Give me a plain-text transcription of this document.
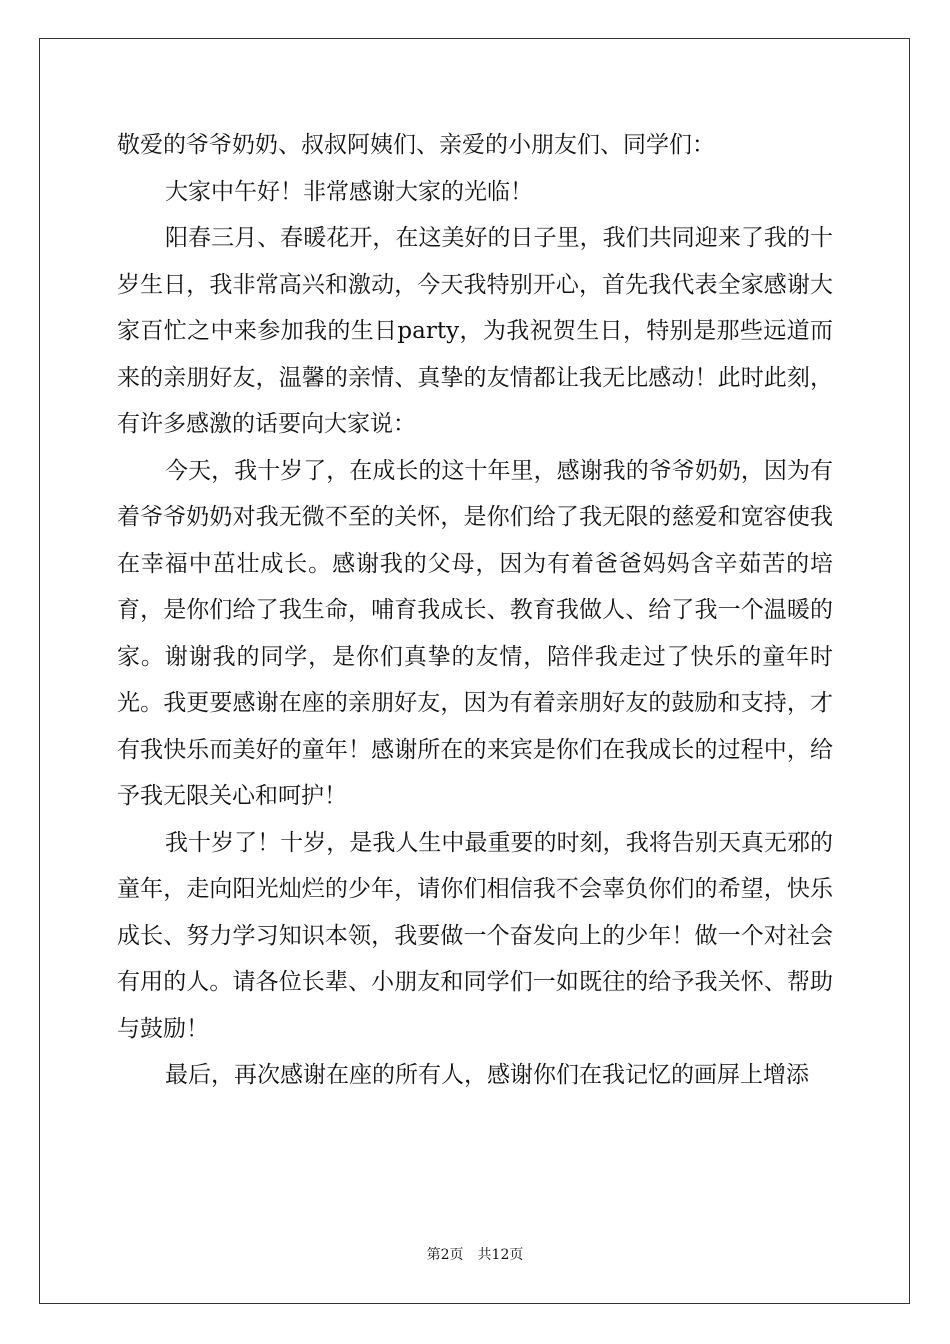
敬爱的爷爷奶奶、叔叔阿姨们、亲爱的小朋友们、同学们：

大家中午好！非常感谢大家的光临！

阳春三月、春暖花开，在这美好的日子里，我们共同迎来了我的十岁生日，我非常高兴和激动，今天我特别开心，首先我代表全家感谢大家百忙之中来参加我的生日party，为我祝贺生日，特别是那些远道而来的亲朋好友，温馨的亲情、真挚的友情都让我无比感动！此时此刻，有许多感激的话要向大家说：

今天，我十岁了，在成长的这十年里，感谢我的爷爷奶奶，因为有着爷爷奶奶对我无微不至的关怀，是你们给了我无限的慈爱和宽容使我在幸福中茁壮成长。感谢我的父母，因为有着爸爸妈妈含辛茹苦的培育，是你们给了我生命，哺育我成长、教育我做人、给了我一个温暖的家。谢谢我的同学，是你们真挚的友情，陪伴我走过了快乐的童年时光。我更要感谢在座的亲朋好友，因为有着亲朋好友的鼓励和支持，才有我快乐而美好的童年！感谢所在的来宾是你们在我成长的过程中，给予我无限关心和呵护！

我十岁了！十岁，是我人生中最重要的时刻，我将告别天真无邪的童年，走向阳光灿烂的少年，请你们相信我不会辜负你们的希望，快乐成长、努力学习知识本领，我要做一个奋发向上的少年！做一个对社会有用的人。请各位长辈、小朋友和同学们一如既往的给予我关怀、帮助与鼓励！

最后，再次感谢在座的所有人，感谢你们在我记忆的画屏上增添

第2页 共12页
